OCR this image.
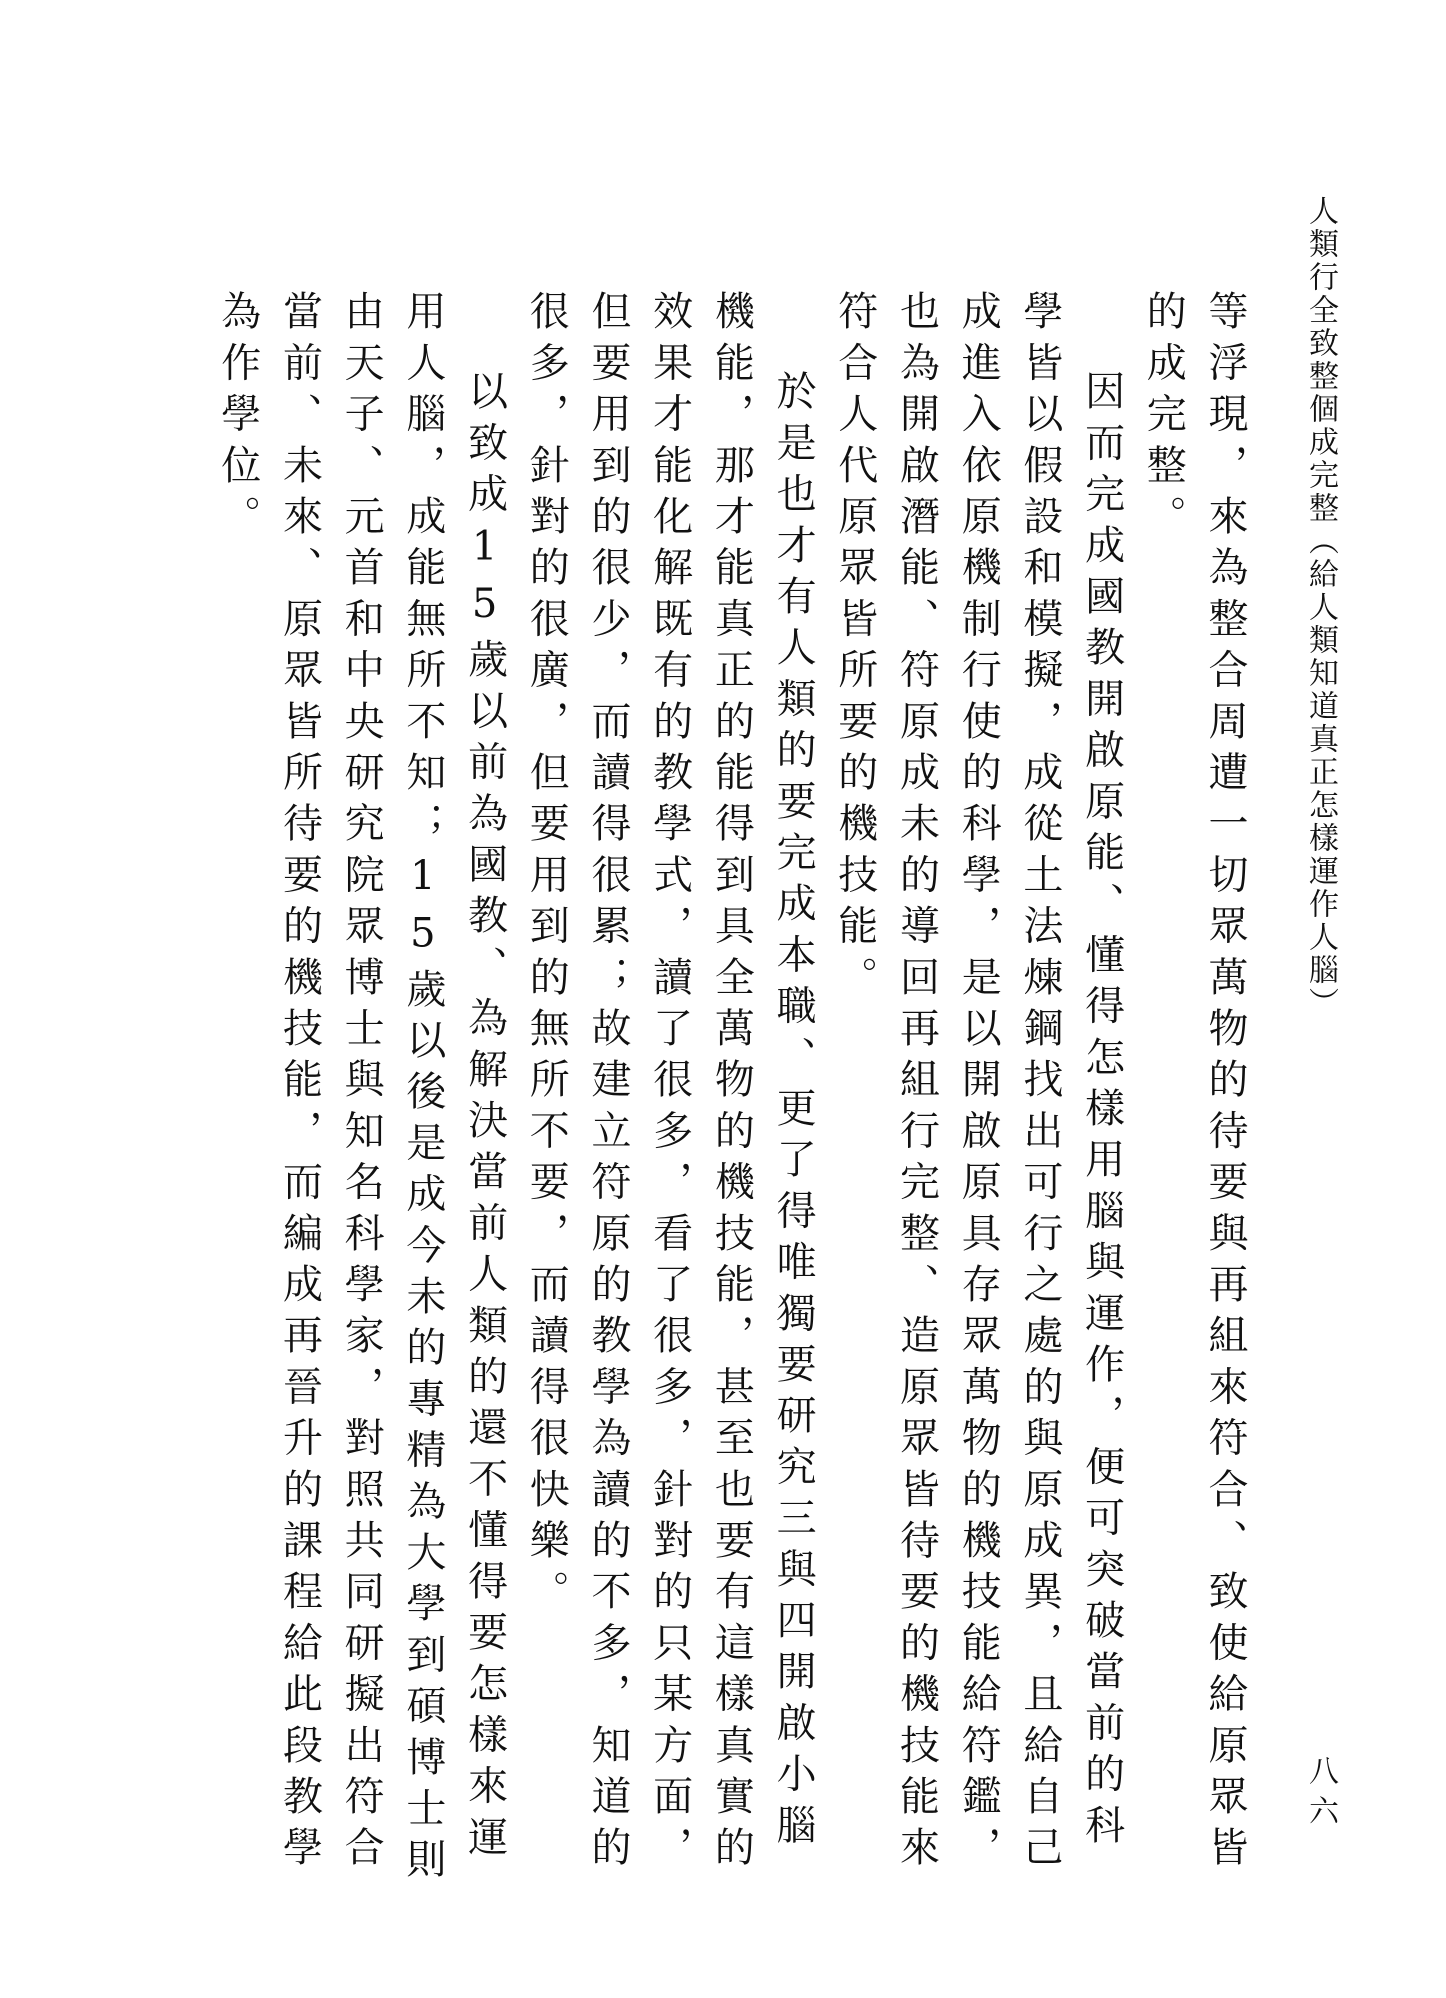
人類行全致整個成完整（給人類知道真正怎樣運作人腦）
八六

等浮現，來為整合周遭一切眾萬物的待要與再組來符合、致使給原眾皆的成完整。

因而完成國教開啟原能、懂得怎樣用腦與運作，便可突破當前的科學皆以假設和模擬，成從土法煉鋼找出可行之處的與原成異，且給自己成進入依原機制行使的科學，是以開啟原具存眾萬物的機技能給符鑑，也為開啟潛能、符原成未的導回再組行完整、造原眾皆待要的機技能來符合人代原眾皆所要的機技能。

於是也才有人類的要完成本職、更了得唯獨要研究三與四開啟小腦機能，那才能真正的能得到具全萬物的機技能，甚至也要有這樣真實的效果才能化解既有的教學式，讀了很多，看了很多，針對的只某方面，但要用到的很少，而讀得很累；故建立符原的教學為讀的不多，知道的很多，針對的很廣，但要用到的無所不要，而讀得很快樂。

以致成15歲以前為國教、為解決當前人類的還不懂得要怎樣來運用人腦，成能無所不知；15歲以後是成今未的專精為大學到碩博士則由天子、元首和中央研究院眾博士與知名科學家，對照共同研擬出符合當前、未來、原眾皆所待要的機技能，而編成再晉升的課程給此段教學為作學位。
